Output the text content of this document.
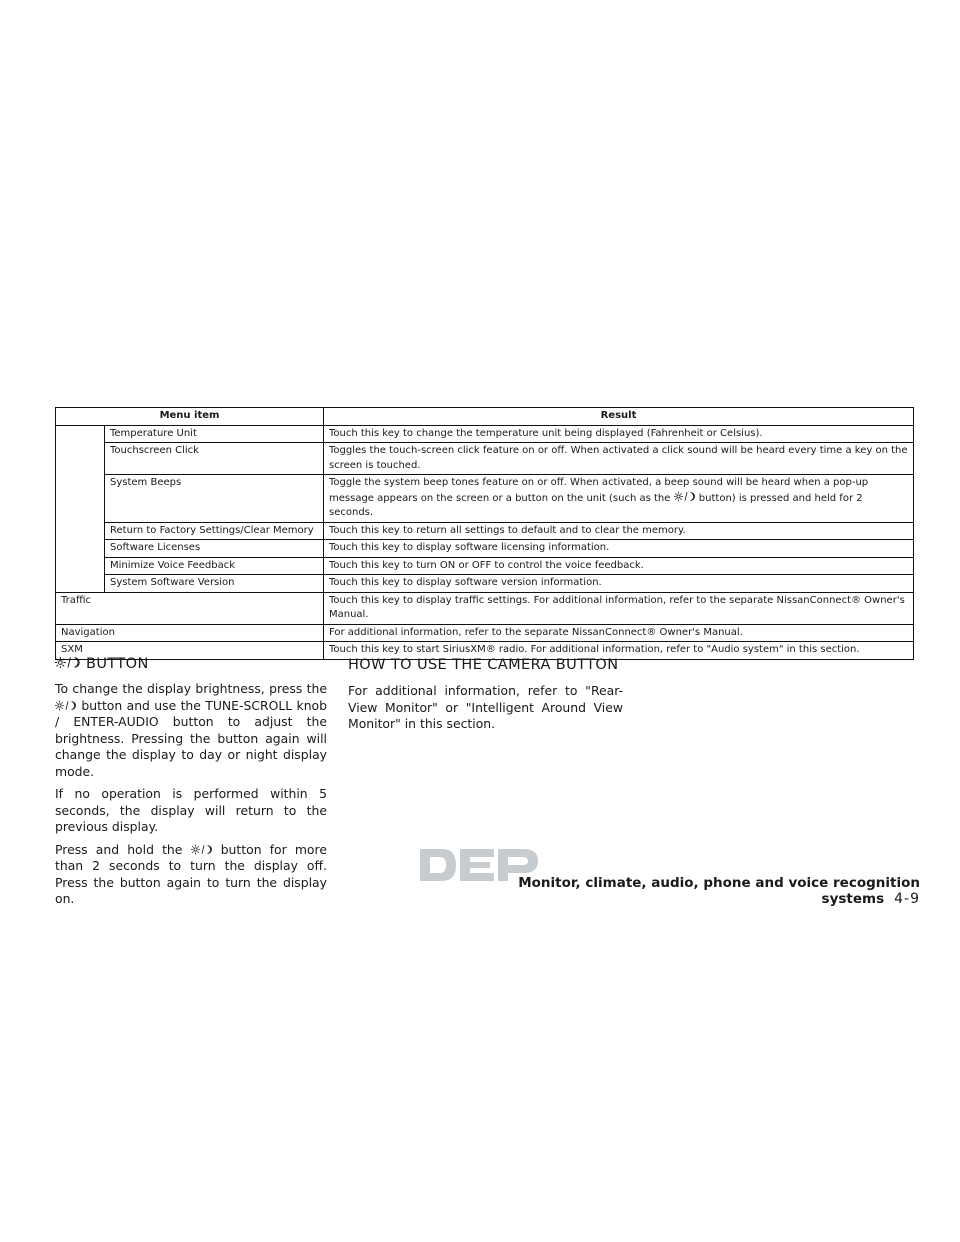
Menu item		Result
	Temperature Unit	Touch this key to change the temperature unit being displayed (Fahrenheit or Celsius).
	Touchscreen Click	Toggles the touch-screen click feature on or off. When activated a click sound will be heard every time a key on the screen is touched.
	System Beeps	Toggle the system beep tones feature on or off. When activated, a beep sound will be heard when a pop-up message appears on the screen or a button on the unit (such as the button) is pressed and held for 2 seconds.
	Return to Factory Settings/Clear Memory	Touch this key to return all settings to default and to clear the memory.
	Software Licenses	Touch this key to display software licensing information.
	Minimize Voice Feedback	Touch this key to turn ON or OFF to control the voice feedback.
	System Software Version	Touch this key to display software version information.
Traffic		Touch this key to display traffic settings. For additional information, refer to the separate NissanConnect® Owner's Manual.
Navigation		For additional information, refer to the separate NissanConnect® Owner's Manual.
SXM		Touch this key to start SiriusXM® radio. For additional information, refer to "Audio system" in this section.
BUTTON

To change the display brightness, press the
button and use the TUNE-SCROLL knob / ENTER-AUDIO button to adjust the brightness. Pressing the button again will change the display to day or night display mode.

If no operation is performed within 5 seconds, the display will return to the previous display.

Press and hold the	button for more than 2 seconds to turn the display off. Press the button again to turn the display on.

HOW TO USE THE CAMERA BUTTON

For additional information, refer to "Rear-View Monitor" or "Intelligent Around View Monitor" in this section.

Monitor, climate, audio, phone and voice recognition systems 4-9
